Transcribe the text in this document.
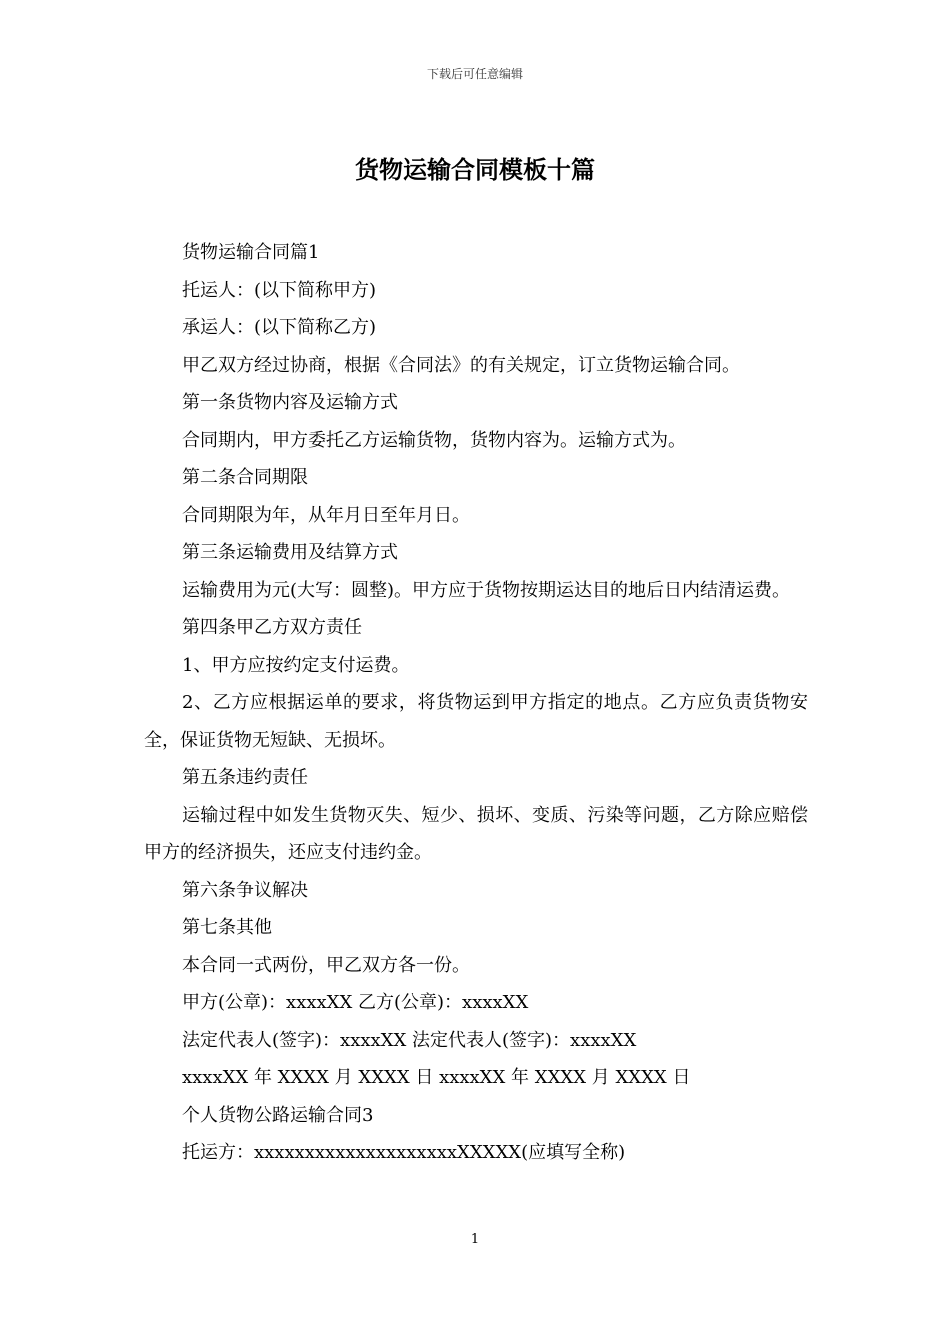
下载后可任意编辑
货物运输合同模板十篇

货物运输合同篇1

托运人：(以下简称甲方)

承运人：(以下简称乙方)

甲乙双方经过协商，根据《合同法》的有关规定，订立货物运输合同。

第一条货物内容及运输方式

合同期内，甲方委托乙方运输货物，货物内容为。运输方式为。

第二条合同期限

合同期限为年，从年月日至年月日。

第三条运输费用及结算方式

运输费用为元(大写：圆整)。甲方应于货物按期运达目的地后日内结清运费。

第四条甲乙方双方责任

1、甲方应按约定支付运费。

2、乙方应根据运单的要求，将货物运到甲方指定的地点。乙方应负责货物安全，保证货物无短缺、无损坏。

第五条违约责任

运输过程中如发生货物灭失、短少、损坏、变质、污染等问题，乙方除应赔偿甲方的经济损失，还应支付违约金。

第六条争议解决

第七条其他

本合同一式两份，甲乙双方各一份。

甲方(公章)：xxxxXX 乙方(公章)：xxxxXX

法定代表人(签字)：xxxxXX 法定代表人(签字)：xxxxXX

xxxxXX 年 XXXX 月 XXXX 日 xxxxXX 年 XXXX 月 XXXX 日

个人货物公路运输合同3

托运方：xxxxxxxxxxxxxxxxxxxxXXXXX(应填写全称)

1
